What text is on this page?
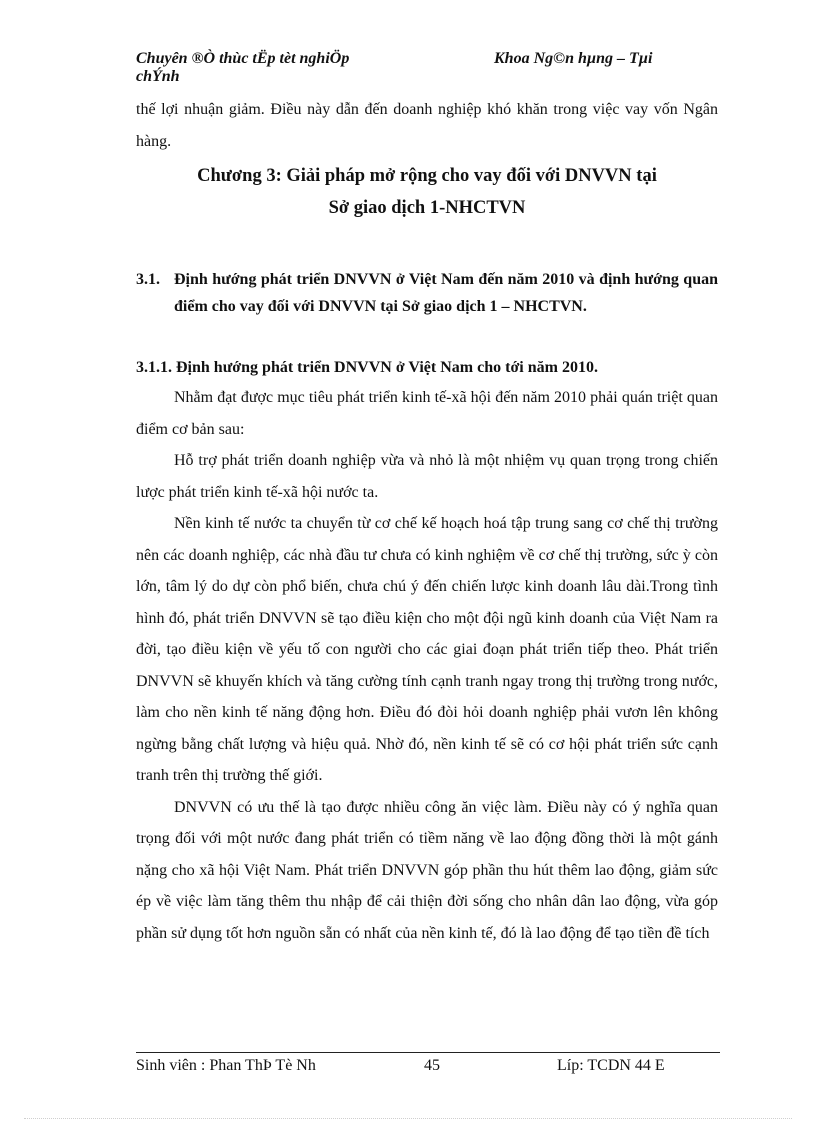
Chuyên ®Ò thùc tËp tèt nghiÖp chÝnh
Khoa Ng©n hµng – Tµi

thế lợi nhuận giảm. Điều này dẫn đến doanh nghiệp khó khăn trong việc vay vốn Ngân hàng.

Chương 3: Giải pháp mở rộng cho vay đối với DNVVN tại
Sở giao dịch 1-NHCTVN
3.1. Định hướng phát triển DNVVN ở Việt Nam đến năm 2010 và định hướng quan điểm cho vay đối với DNVVN tại Sở giao dịch 1 – NHCTVN.
3.1.1. Định hướng phát triển DNVVN ở Việt Nam cho tới năm 2010.

Nhằm đạt được mục tiêu phát triển kinh tế-xã hội đến năm 2010 phải quán triệt quan điểm cơ bản sau:

Hỗ trợ phát triển doanh nghiệp vừa và nhỏ là một nhiệm vụ quan trọng trong chiến lược phát triển kinh tế-xã hội nước ta.

Nền kinh tế nước ta chuyển từ cơ chế kế hoạch hoá tập trung sang cơ chế thị trường nên các doanh nghiệp, các nhà đầu tư chưa có kinh nghiệm về cơ chế thị trường, sức ỳ còn lớn, tâm lý do dự còn phổ biến, chưa chú ý đến chiến lược kinh doanh lâu dài.Trong tình hình đó, phát triển DNVVN sẽ tạo điều kiện cho một đội ngũ kinh doanh của Việt Nam ra đời, tạo điều kiện về yếu tố con người cho các giai đoạn phát triển tiếp theo. Phát triển DNVVN sẽ khuyến khích và tăng cường tính cạnh tranh ngay trong thị trường trong nước, làm cho nền kinh tế năng động hơn. Điều đó đòi hỏi doanh nghiệp phải vươn lên không ngừng bằng chất lượng và hiệu quả. Nhờ đó, nền kinh tế sẽ có cơ hội phát triển sức cạnh tranh trên thị trường thế giới.

DNVVN có ưu thế là tạo được nhiều công ăn việc làm. Điều này có ý nghĩa quan trọng đối với một nước đang phát triển có tiềm năng về lao động đồng thời là một gánh nặng cho xã hội Việt Nam. Phát triển DNVVN góp phần thu hút thêm lao động, giảm sức ép về việc làm tăng thêm thu nhập để cải thiện đời sống cho nhân dân lao động, vừa góp phần sử dụng tốt hơn nguồn sẵn có nhất của nền kinh tế, đó là lao động để tạo tiền đề tích

Sinh viên : Phan ThÞ Tè Nh	45	Líp: TCDN 44 E
